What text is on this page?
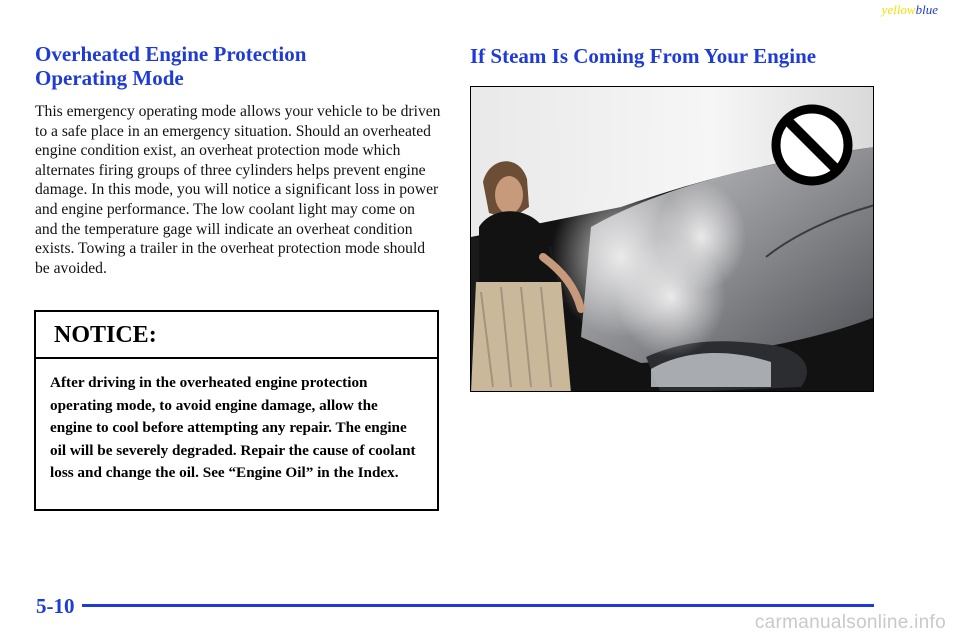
yellowblue
Overheated Engine Protection
Operating Mode

This emergency operating mode allows your vehicle to be driven to a safe place in an emergency situation. Should an overheated engine condition exist, an overheat protection mode which alternates firing groups of three cylinders helps prevent engine damage. In this mode, you will notice a significant loss in power and engine performance. The low coolant light may come on and the temperature gage will indicate an overheat condition exists. Towing a trailer in the overheat protection mode should be avoided.

NOTICE:
After driving in the overheated engine protection operating mode, to avoid engine damage, allow the engine to cool before attempting any repair. The engine oil will be severely degraded. Repair the cause of coolant loss and change the oil. See “Engine Oil” in the Index.
If Steam Is Coming From Your Engine
5-10
carmanualsonline.info
